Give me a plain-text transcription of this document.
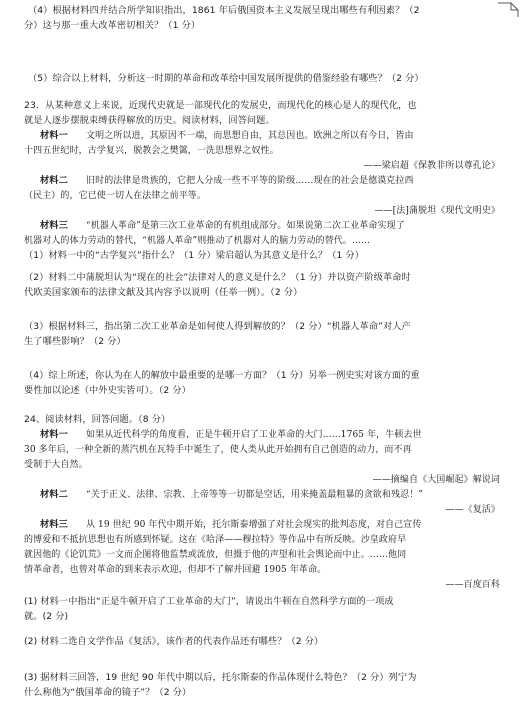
（4）根据材料四并结合所学知识指出，1861 年后俄国资本主义发展呈现出哪些有利因素？（2
分）这与那一重大改革密切相关？（1 分）
（5）综合以上材料，分析这一时期的革命和改革给中国发展所提供的借鉴经验有哪些？（2 分）
23．从某种意义上来说，近现代史就是一部现代化的发展史，而现代化的核心是人的现代化，也
就是人逐步摆脱束缚获得解放的历史。阅读材料，回答问题。
材料一 文明之所以进，其原因不一端，而思想自由，其总因也。欧洲之所以有今日，皆由
十四五世纪时，古学复兴，脱教会之樊篱，一洗思想界之奴性。
——梁启超《保教非所以尊孔论》
材料二 旧时的法律是贵族的，它把人分成一些不平等的阶级……现在的社会是德谟克拉西
（民主）的，它已使一切人在法律之前平等。
——[法]蒲脱坦《现代文明史》
材料三 “机器人革命”是第三次工业革命的有机组成部分。如果说第二次工业革命实现了
机器对人的体力劳动的替代，“机器人革命”则推动了机器对人的脑力劳动的替代。……
（1）材料一中的“古学复兴”指什么？（1 分）梁启超认为其意义是什么？（1 分）
（2）材料二中蒲脱坦认为“现在的社会”法律对人的意义是什么？（1 分）并以资产阶级革命时
代欧美国家颁布的法律文献及其内容予以说明（任举一例）。（2 分）
（3）根据材料三，指出第二次工业革命是如何使人得到解放的？（2 分）“机器人革命”对人产
生了哪些影响？（2 分）
（4）综上所述，你认为在人的解放中最重要的是哪一方面？（1 分）另举一例史实对该方面的重
要性加以论述（中外史实皆可）。（2 分）
24、阅读材料，回答问题。（8 分）
材料一 如果从近代科学的角度看，正是牛顿开启了工业革命的大门……1765 年，牛顿去世
30 多年后，一种全新的蒸汽机在瓦特手中诞生了，使人类从此开始拥有自己创造的动力，而不再
受制于大自然。
——摘编自《大国崛起》解说词
材料二 “关于正义、法律、宗教、上帝等等一切都是空话，用来掩盖最粗暴的贪欲和残忍！”
——《复活》
材料三 从 19 世纪 90 年代中期开始，托尔斯泰增强了对社会现实的批判态度，对自己宣传
的博爱和不抵抗思想也有所感到怀疑。这在《哈泽——穆拉特》等作品中有所反映。沙皇政府早
就因他的《论饥荒》一文而企图将他监禁或流放，但摄于他的声望和社会舆论而中止。……他同
情革命者，也曾对革命的到来表示欢迎，但却不了解并回避 1905 年革命。
——百度百科
(1) 材料一中指出“正是牛顿开启了工业革命的大门”，请说出牛顿在自然科学方面的一项成
就。(2 分)
(2) 材料二选自文学作品《复活》，该作者的代表作品还有哪些？（2 分）
(3) 据材料三回答，19 世纪 90 年代中期以后，托尔斯泰的作品体现什么特色？（2 分）列宁为
什么称他为“俄国革命的镜子”？（2 分）
